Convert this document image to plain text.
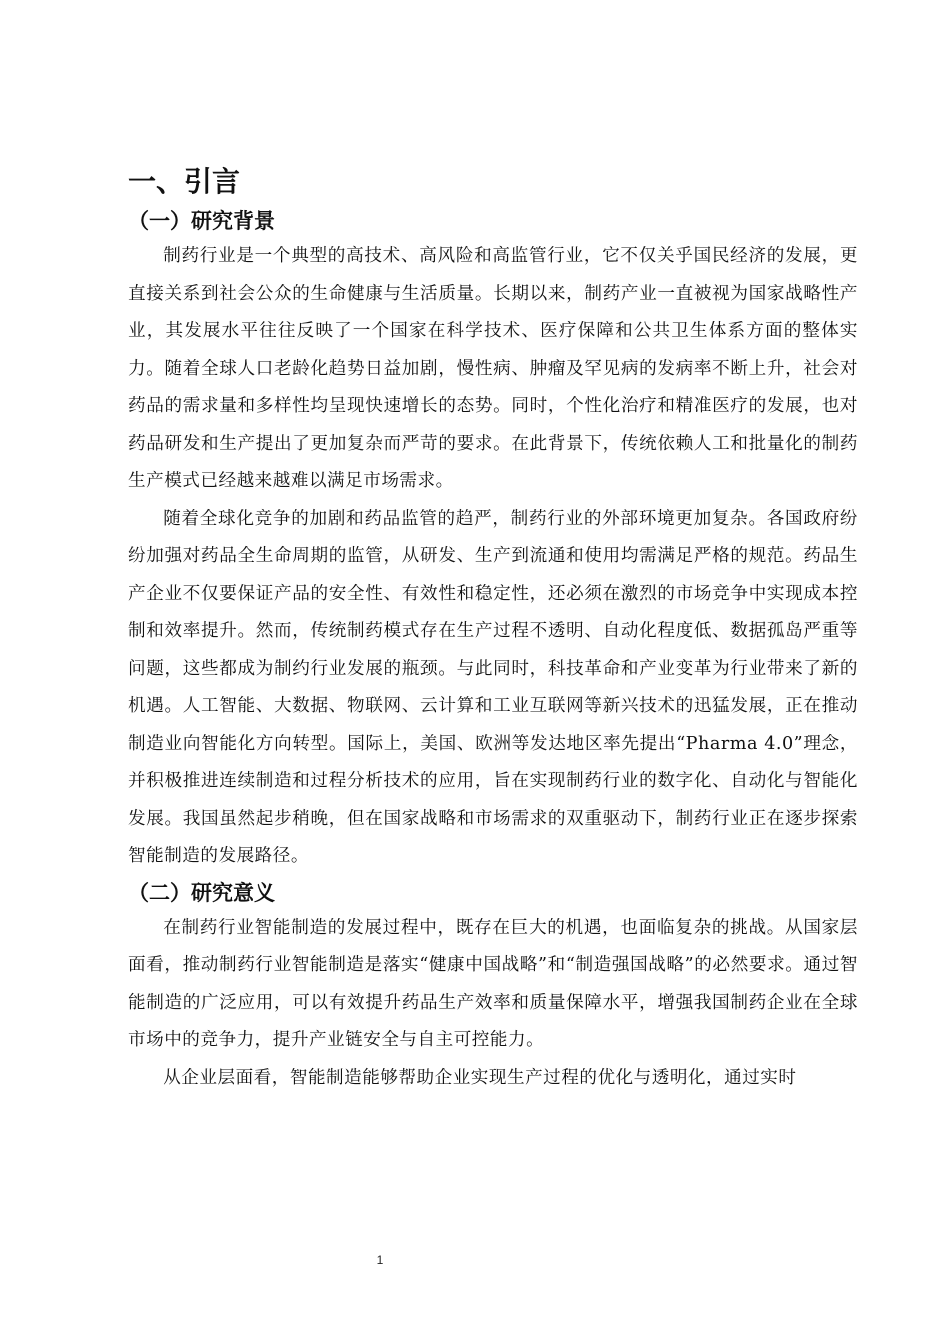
一、引言
（一）研究背景

制药行业是一个典型的高技术、高风险和高监管行业，它不仅关乎国民经济的发展，更直接关系到社会公众的生命健康与生活质量。长期以来，制药产业一直被视为国家战略性产业，其发展水平往往反映了一个国家在科学技术、医疗保障和公共卫生体系方面的整体实力。随着全球人口老龄化趋势日益加剧，慢性病、肿瘤及罕见病的发病率不断上升，社会对药品的需求量和多样性均呈现快速增长的态势。同时，个性化治疗和精准医疗的发展，也对药品研发和生产提出了更加复杂而严苛的要求。在此背景下，传统依赖人工和批量化的制药生产模式已经越来越难以满足市场需求。

随着全球化竞争的加剧和药品监管的趋严，制药行业的外部环境更加复杂。各国政府纷纷加强对药品全生命周期的监管，从研发、生产到流通和使用均需满足严格的规范。药品生产企业不仅要保证产品的安全性、有效性和稳定性，还必须在激烈的市场竞争中实现成本控制和效率提升。然而，传统制药模式存在生产过程不透明、自动化程度低、数据孤岛严重等问题，这些都成为制约行业发展的瓶颈。与此同时，科技革命和产业变革为行业带来了新的机遇。人工智能、大数据、物联网、云计算和工业互联网等新兴技术的迅猛发展，正在推动制造业向智能化方向转型。国际上，美国、欧洲等发达地区率先提出“Pharma 4.0”理念，并积极推进连续制造和过程分析技术的应用，旨在实现制药行业的数字化、自动化与智能化发展。我国虽然起步稍晚，但在国家战略和市场需求的双重驱动下，制药行业正在逐步探索智能制造的发展路径。

（二）研究意义

在制药行业智能制造的发展过程中，既存在巨大的机遇，也面临复杂的挑战。从国家层面看，推动制药行业智能制造是落实“健康中国战略”和“制造强国战略”的必然要求。通过智能制造的广泛应用，可以有效提升药品生产效率和质量保障水平，增强我国制药企业在全球市场中的竞争力，提升产业链安全与自主可控能力。

从企业层面看，智能制造能够帮助企业实现生产过程的优化与透明化，通过实时

1
